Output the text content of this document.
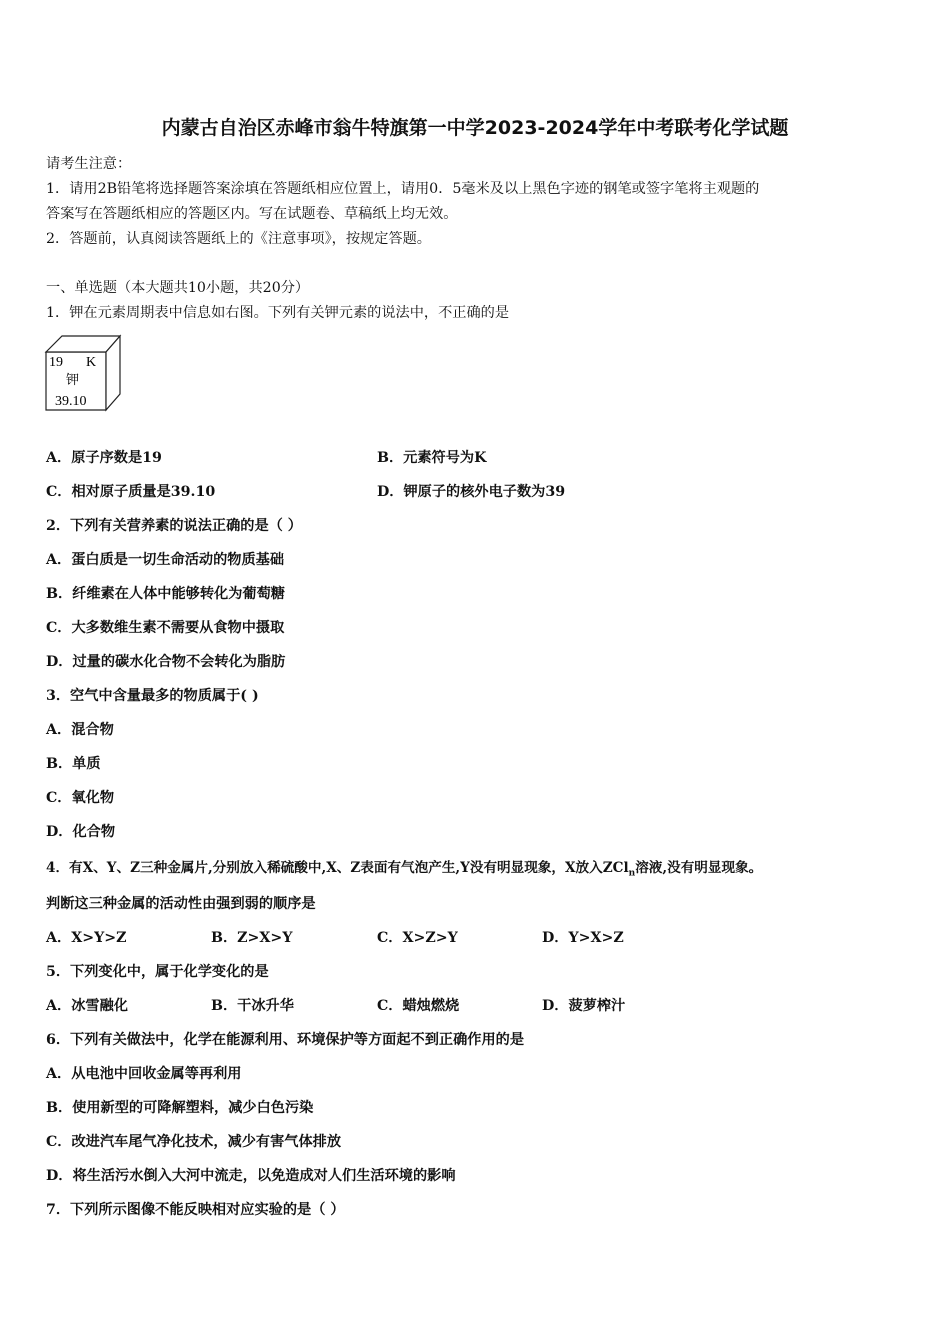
内蒙古自治区赤峰市翁牛特旗第一中学2023-2024学年中考联考化学试题
请考生注意：
1．请用2B铅笔将选择题答案涂填在答题纸相应位置上，请用0．5毫米及以上黑色字迹的钢笔或签字笔将主观题的
答案写在答题纸相应的答题区内。写在试题卷、草稿纸上均无效。
2．答题前，认真阅读答题纸上的《注意事项》，按规定答题。
一、单选题（本大题共10小题，共20分）
1．钾在元素周期表中信息如右图。下列有关钾元素的说法中，不正确的是
19 K
钾
39.10
A．原子序数是19	B．元素符号为K
C．相对原子质量是39.10	D．钾原子的核外电子数为39
2．下列有关营养素的说法正确的是（ ）
A．蛋白质是一切生命活动的物质基础
B．纤维素在人体中能够转化为葡萄糖
C．大多数维生素不需要从食物中摄取
D．过量的碳水化合物不会转化为脂肪
3．空气中含量最多的物质属于( )
A．混合物
B．单质
C．氧化物
D．化合物
4．有X、Y、Z三种金属片,分别放入稀硫酸中,X、Z表面有气泡产生,Y没有明显现象，X放入ZCl$_n$溶液,没有明显现象。
判断这三种金属的活动性由强到弱的顺序是
A．X>Y>Z	B．Z>X>Y	C．X>Z>Y	D．Y>X>Z
5．下列变化中，属于化学变化的是
A．冰雪融化	B．干冰升华	C．蜡烛燃烧	D．菠萝榨汁
6．下列有关做法中，化学在能源利用、环境保护等方面起不到正确作用的是
A．从电池中回收金属等再利用
B．使用新型的可降解塑料，减少白色污染
C．改进汽车尾气净化技术，减少有害气体排放
D．将生活污水倒入大河中流走，以免造成对人们生活环境的影响
7．下列所示图像不能反映相对应实验的是（ ）
